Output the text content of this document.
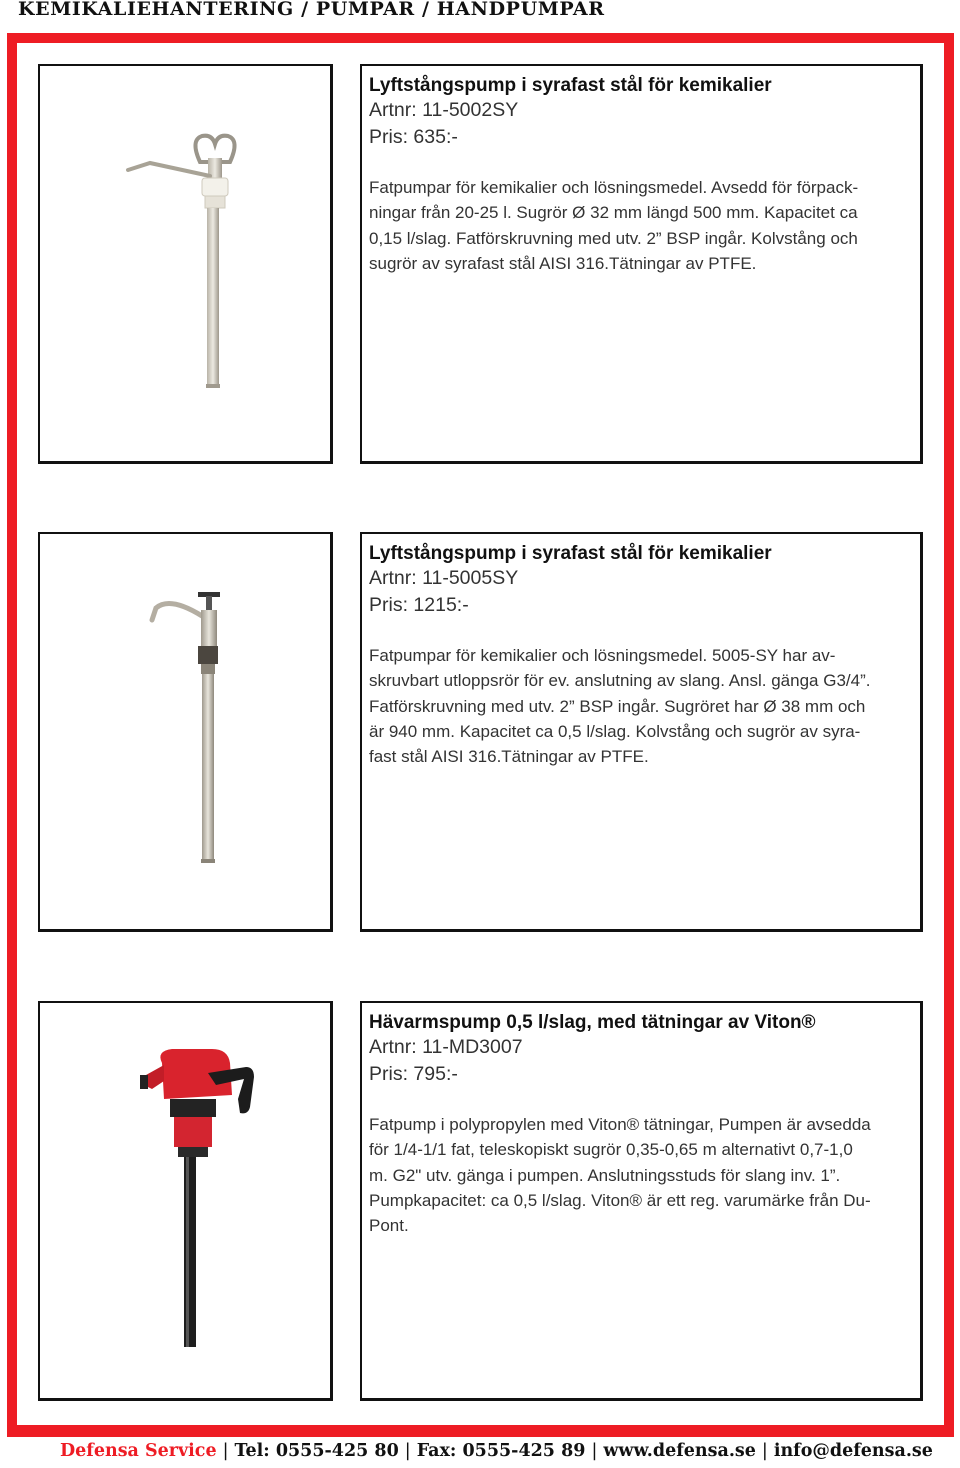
KEMIKALIEHANTERING / PUMPAR / HANDPUMPAR
Lyftstångspump i syrafast stål för kemikalier
Artnr: 11-5002SY
Pris: 635:-
Fatpumpar för kemikalier och lösningsmedel. Avsedd för förpack-
ningar från 20-25 l. Sugrör Ø 32 mm längd 500 mm. Kapacitet ca
0,15 l/slag. Fatförskruvning med utv. 2” BSP ingår. Kolvstång och
sugrör av syrafast stål AISI 316.Tätningar av PTFE.
Lyftstångspump i syrafast stål för kemikalier
Artnr: 11-5005SY
Pris: 1215:-
Fatpumpar för kemikalier och lösningsmedel. 5005-SY har av-
skruvbart utloppsrör för ev. anslutning av slang. Ansl. gänga G3/4”.
Fatförskruvning med utv. 2” BSP ingår. Sugröret har Ø 38 mm och
är 940 mm. Kapacitet ca 0,5 l/slag. Kolvstång och sugrör av syra-
fast stål AISI 316.Tätningar av PTFE.
Hävarmspump 0,5 l/slag, med tätningar av Viton®
Artnr: 11-MD3007
Pris: 795:-
Fatpump i polypropylen med Viton® tätningar, Pumpen är avsedda
för 1/4-1/1 fat, teleskopiskt sugrör 0,35-0,65 m alternativt 0,7-1,0
m. G2" utv. gänga i pumpen. Anslutningsstuds för slang inv. 1”.
Pumpkapacitet: ca 0,5 l/slag. Viton® är ett reg. varumärke från Du-
Pont.
Defensa Service | Tel: 0555-425 80 | Fax: 0555-425 89 | www.defensa.se | info@defensa.se
